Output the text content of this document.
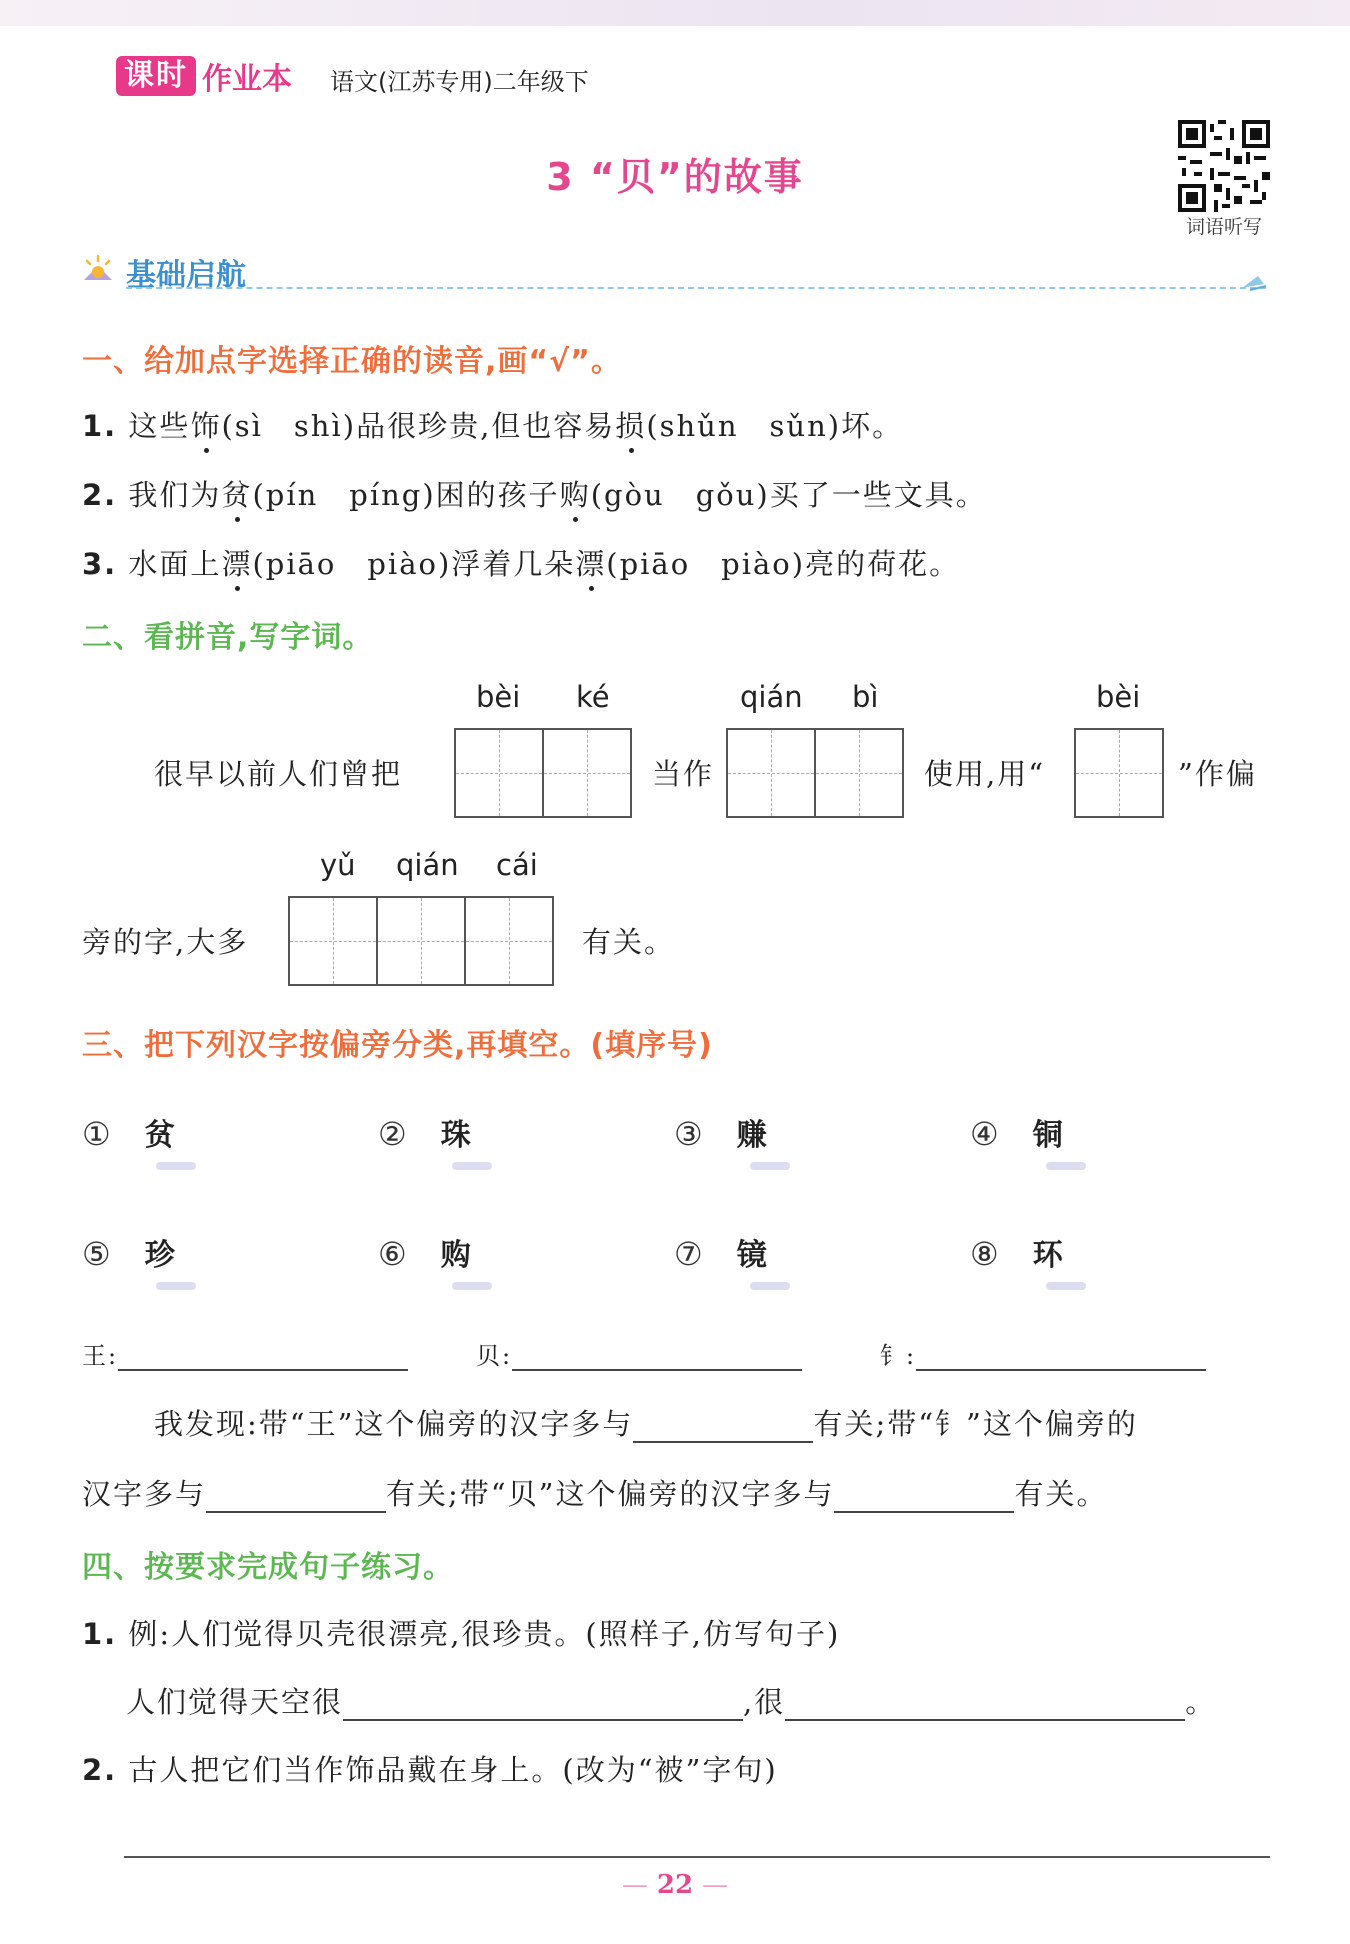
课时 作业本 语文(江苏专用)二年级下
3 “贝”的故事
词语听写
基础启航
一、给加点字选择正确的读音,画“√”。
1. 这些饰(sì　shì)品很珍贵,但也容易损(shǔn　sǔn)坏。
2. 我们为贫(pín　píng)困的孩子购(gòu　gǒu)买了一些文具。
3. 水面上漂(piāo　piào)浮着几朵漂(piāo　piào)亮的荷花。
二、看拼音,写字词。
bèi ké	qián bì	bèi
很早以前人们曾把	当作	使用,用“	”作偏
yǔ qián cái
旁的字,大多	有关。
三、把下列汉字按偏旁分类,再填空。(填序号)
① 贫	② 珠	③ 赚	④ 铜
⑤ 珍	⑥ 购	⑦ 镜	⑧ 环
王:	贝:	钅:
我发现:带“王”这个偏旁的汉字多与	有关;带“钅”这个偏旁的
汉字多与	有关;带“贝”这个偏旁的汉字多与	有关。
四、按要求完成句子练习。
1. 例:人们觉得贝壳很漂亮,很珍贵。(照样子,仿写句子)
人们觉得天空很	,很	。
2. 古人把它们当作饰品戴在身上。(改为“被”字句)
— 22 —
